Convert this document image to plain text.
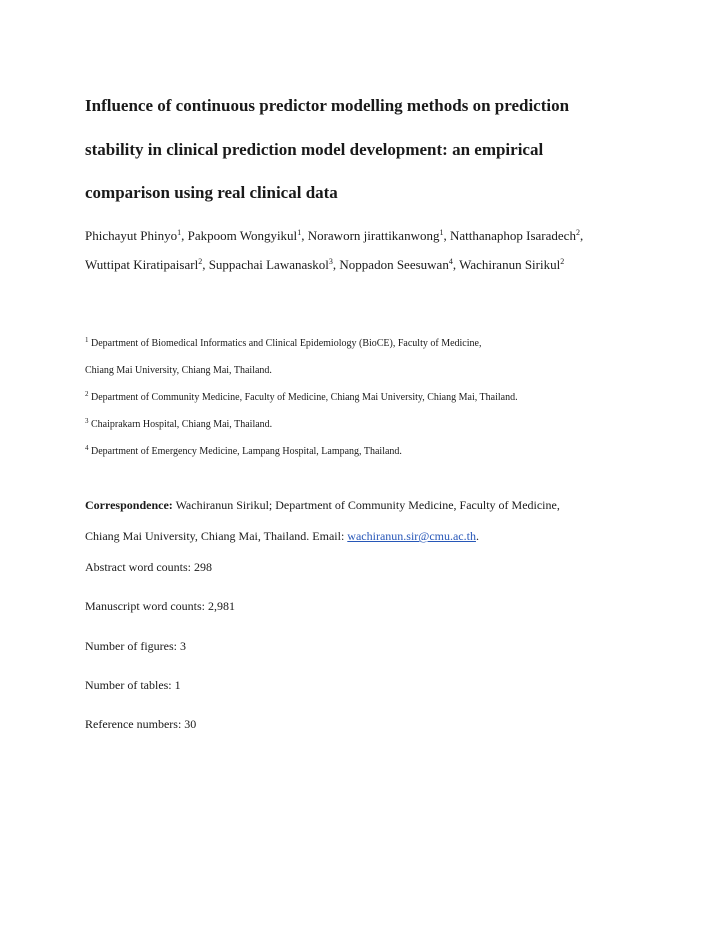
Influence of continuous predictor modelling methods on prediction
stability in clinical prediction model development: an empirical
comparison using real clinical data
Phichayut Phinyo$^1$, Pakpoom Wongyikul$^1$, Noraworn jirattikanwong$^1$, Natthanaphop Isaradech$^2$,
Wuttipat Kiratipaisarl$^2$, Suppachai Lawanaskol$^3$, Noppadon Seesuwan$^4$, Wachiranun Sirikul$^2$
$^1$ Department of Biomedical Informatics and Clinical Epidemiology (BioCE), Faculty of Medicine,
Chiang Mai University, Chiang Mai, Thailand.
$^2$ Department of Community Medicine, Faculty of Medicine, Chiang Mai University, Chiang Mai, Thailand.
$^3$ Chaiprakarn Hospital, Chiang Mai, Thailand.
$^4$ Department of Emergency Medicine, Lampang Hospital, Lampang, Thailand.
Correspondence: Wachiranun Sirikul; Department of Community Medicine, Faculty of Medicine,
Chiang Mai University, Chiang Mai, Thailand. Email: wachiranun.sir@cmu.ac.th.
Abstract word counts: 298
Manuscript word counts: 2,981
Number of figures: 3
Number of tables: 1
Reference numbers: 30
